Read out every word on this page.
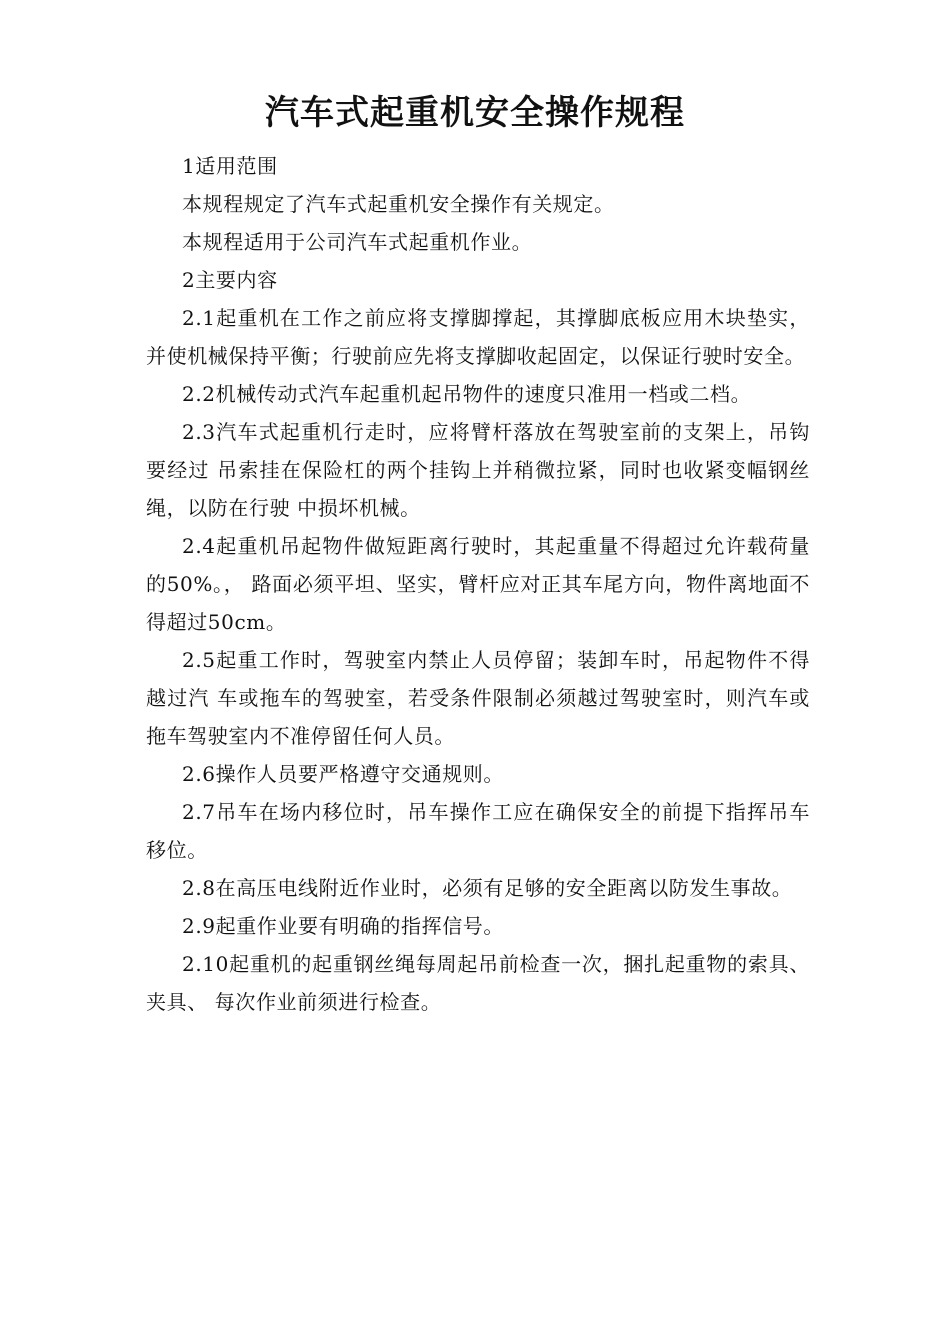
汽车式起重机安全操作规程

1适用范围

本规程规定了汽车式起重机安全操作有关规定。

本规程适用于公司汽车式起重机作业。

2主要内容

2.1起重机在工作之前应将支撑脚撑起，其撑脚底板应用木块垫实，并使机械保持平衡；行驶前应先将支撑脚收起固定，以保证行驶时安全。

2.2机械传动式汽车起重机起吊物件的速度只准用一档或二档。

2.3汽车式起重机行走时，应将臂杆落放在驾驶室前的支架上，吊钩要经过 吊索挂在保险杠的两个挂钩上并稍微拉紧，同时也收紧变幅钢丝绳，以防在行驶 中损坏机械。

2.4起重机吊起物件做短距离行驶时，其起重量不得超过允许载荷量的50%。， 路面必须平坦、坚实，臂杆应对正其车尾方向，物件离地面不得超过50cm。

2.5起重工作时，驾驶室内禁止人员停留；装卸车时，吊起物件不得越过汽 车或拖车的驾驶室，若受条件限制必须越过驾驶室时，则汽车或拖车驾驶室内不准停留任何人员。

2.6操作人员要严格遵守交通规则。

2.7吊车在场内移位时，吊车操作工应在确保安全的前提下指挥吊车移位。

2.8在高压电线附近作业时，必须有足够的安全距离以防发生事故。

2.9起重作业要有明确的指挥信号。

2.10起重机的起重钢丝绳每周起吊前检查一次，捆扎起重物的索具、夹具、 每次作业前须进行检查。
